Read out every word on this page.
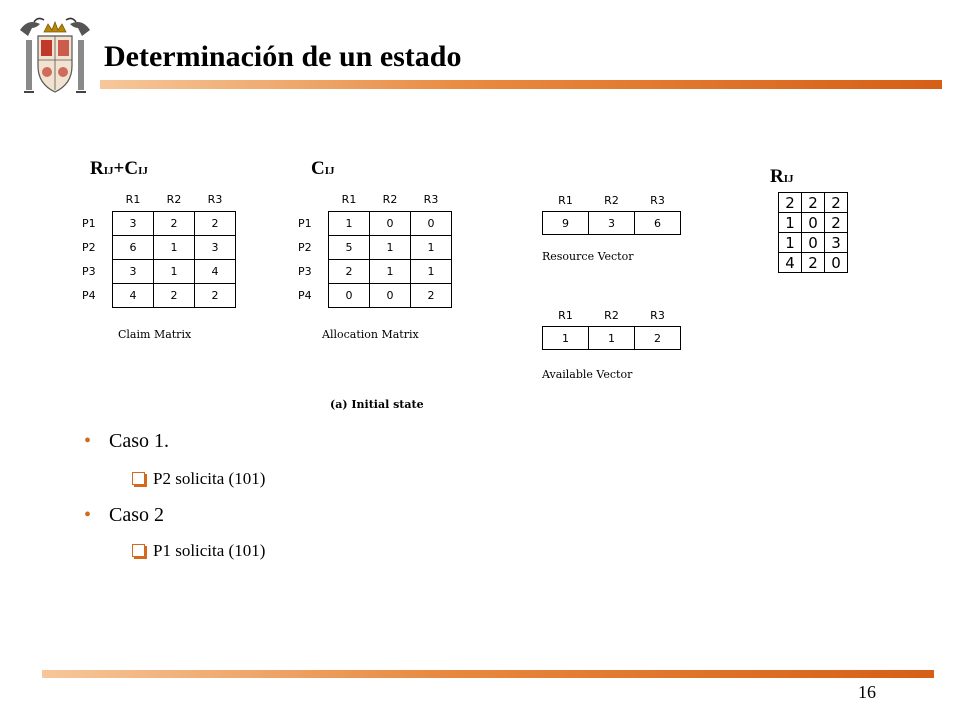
Determinación de un estado
RIJ+CIJ	CIJ	RIJ
	R1	R2	R3
P1	3	2	2
P2	6	1	3
P3	3	1	4
P4	4	2	2
Claim Matrix
	R1	R2	R3
P1	1	0	0
P2	5	1	1
P3	2	1	1
P4	0	0	2
Allocation Matrix
R1	R2	R3
9	3	6
Resource Vector
R1	R2	R3
1	1	2
Available Vector
(a) Initial state
2	2	2
1	0	2
1	0	3
4	2	0
• Caso 1.
P2 solicita (101)
• Caso 2
P1 solicita (101)
16
